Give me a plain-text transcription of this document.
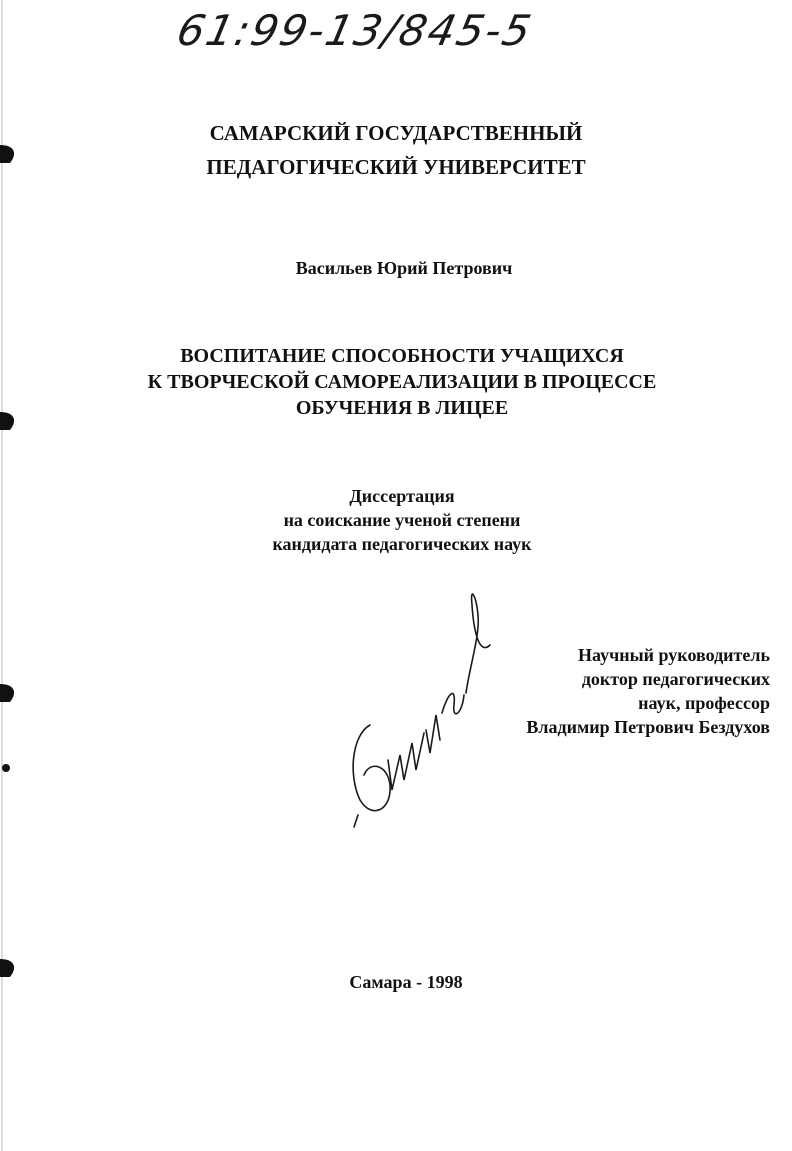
61:99-13/845-5
САМАРСКИЙ ГОСУДАРСТВЕННЫЙ
ПЕДАГОГИЧЕСКИЙ УНИВЕРСИТЕТ
Васильев Юрий Петрович
ВОСПИТАНИЕ СПОСОБНОСТИ УЧАЩИХСЯ
К ТВОРЧЕСКОЙ САМОРЕАЛИЗАЦИИ В ПРОЦЕССЕ
ОБУЧЕНИЯ В ЛИЦЕЕ
Диссертация
на соискание ученой степени
кандидата педагогических наук
Научный руководитель
доктор педагогических
наук, профессор
Владимир Петрович Бездухов
Самара - 1998
